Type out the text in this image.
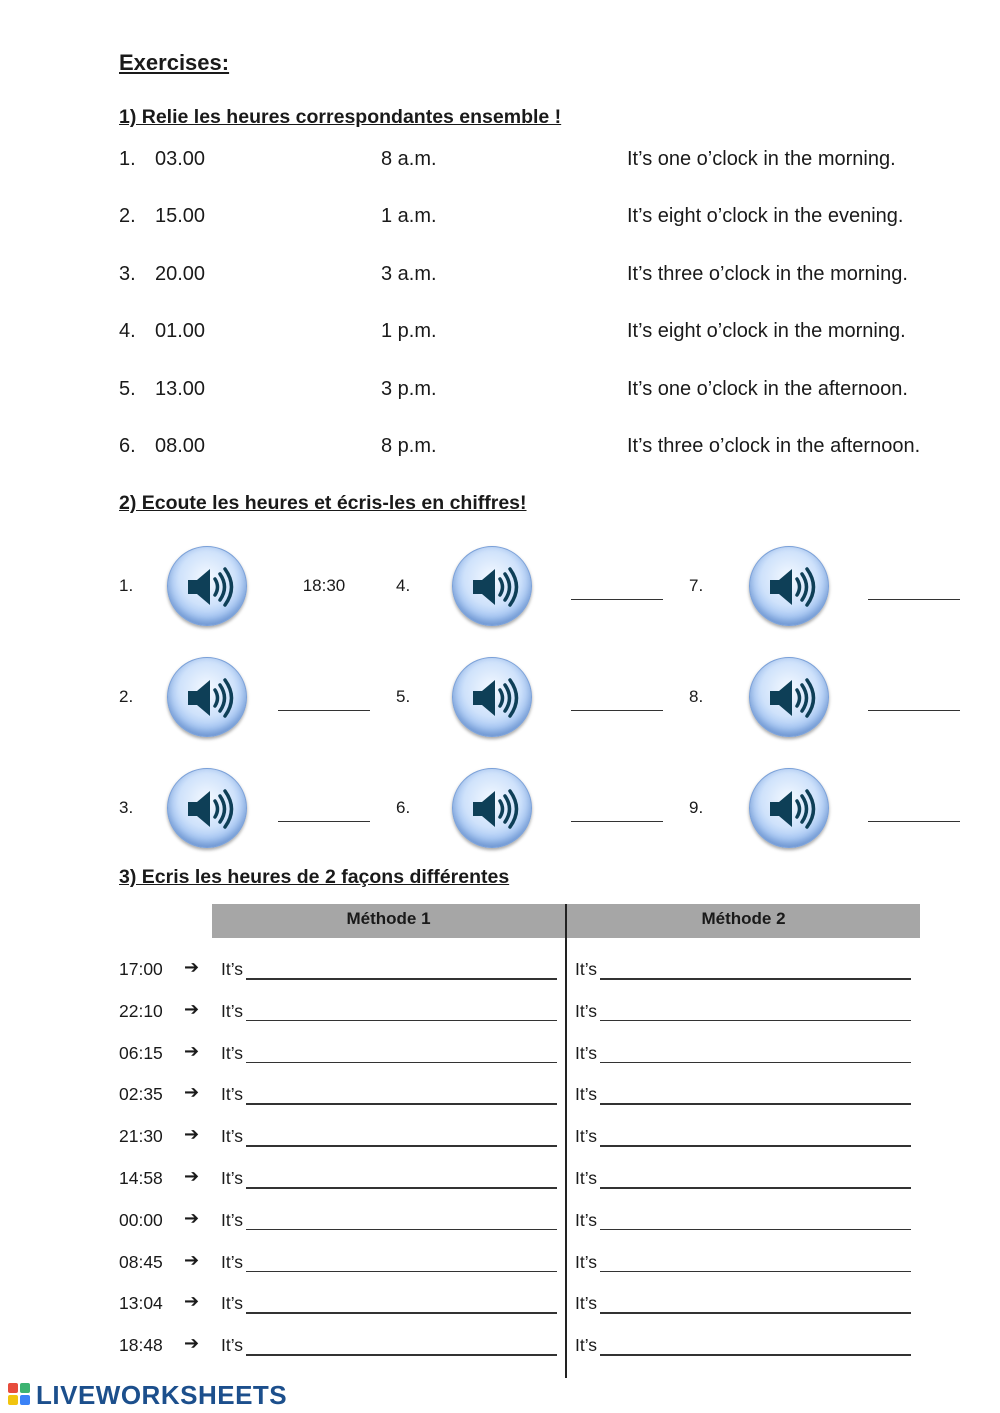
Exercises:
1) Relie les heures correspondantes ensemble !
1. 03.00	8 a.m.	It’s one o’clock in the morning.
2. 15.00	1 a.m.	It’s eight o’clock in the evening.
3. 20.00	3 a.m.	It’s three o’clock in the morning.
4. 01.00	1 p.m.	It’s eight o’clock in the morning.
5. 13.00	3 p.m.	It’s one o’clock in the afternoon.
6. 08.00	8 p.m.	It’s three o’clock in the afternoon.
2) Ecoute les heures et écris-les en chiffres!
1.	18:30
2.
3.
4.
5.
6.
7.
8.
9.
3) Ecris les heures de 2 façons différentes
Méthode 1	Méthode 2
17:00 ➔ It’s	It’s
22:10 ➔ It’s	It’s
06:15 ➔ It’s	It’s
02:35 ➔ It’s	It’s
21:30 ➔ It’s	It’s
14:58 ➔ It’s	It’s
00:00 ➔ It’s	It’s
08:45 ➔ It’s	It’s
13:04 ➔ It’s	It’s
18:48 ➔ It’s	It’s
LIVEWORKSHEETS
